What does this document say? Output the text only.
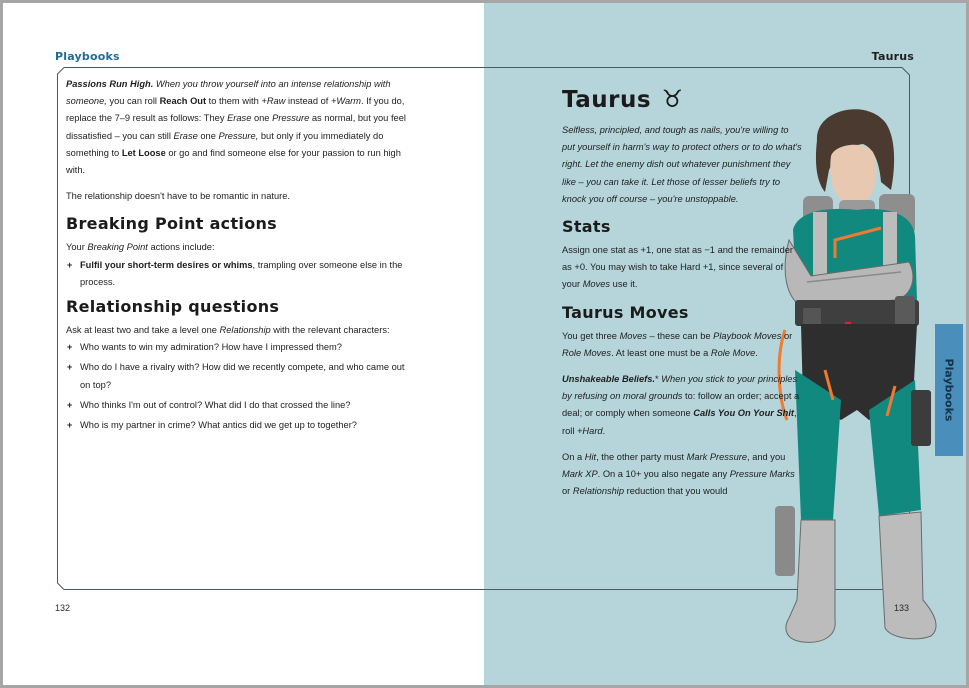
Playbooks	Taurus

Passions Run High. When you throw yourself into an intense relationship with someone, you can roll Reach Out to them with +Raw instead of +Warm. If you do, replace the 7–9 result as follows: They Erase one Pressure as normal, but you feel dissatisfied – you can still Erase one Pressure, but only if you immediately do something to Let Loose or go and find someone else for your passion to run high with.

The relationship doesn't have to be romantic in nature.

Breaking Point actions
Your Breaking Point actions include:
+ Fulfil your short-term desires or whims, trampling over someone else in the process.
Relationship questions
Ask at least two and take a level one Relationship with the relevant characters:
+ Who wants to win my admiration? How have I impressed them?
+ Who do I have a rivalry with? How did we recently compete, and who came out on top?
+ Who thinks I'm out of control? What did I do that crossed the line?
+ Who is my partner in crime? What antics did we get up to together?
Taurus ♉

Selfless, principled, and tough as nails, you're willing to put yourself in harm's way to protect others or to do what's right. Let the enemy dish out whatever punishment they like – you can take it. Let those of lesser beliefs try to knock you off course – you're unstoppable.

Stats

Assign one stat as +1, one stat as −1 and the remainder as +0. You may wish to take Hard +1, since several of your Moves use it.

Taurus Moves

You get three Moves – these can be Playbook Moves or Role Moves. At least one must be a Role Move.

Unshakeable Beliefs.* When you stick to your principles by refusing on moral grounds to: follow an order; accept a deal; or comply when someone Calls You On Your Shit, roll +Hard.

On a Hit, the other party must Mark Pressure, and you Mark XP. On a 10+ you also negate any Pressure Marks or Relationship reduction that you would

Playbooks
132	133
